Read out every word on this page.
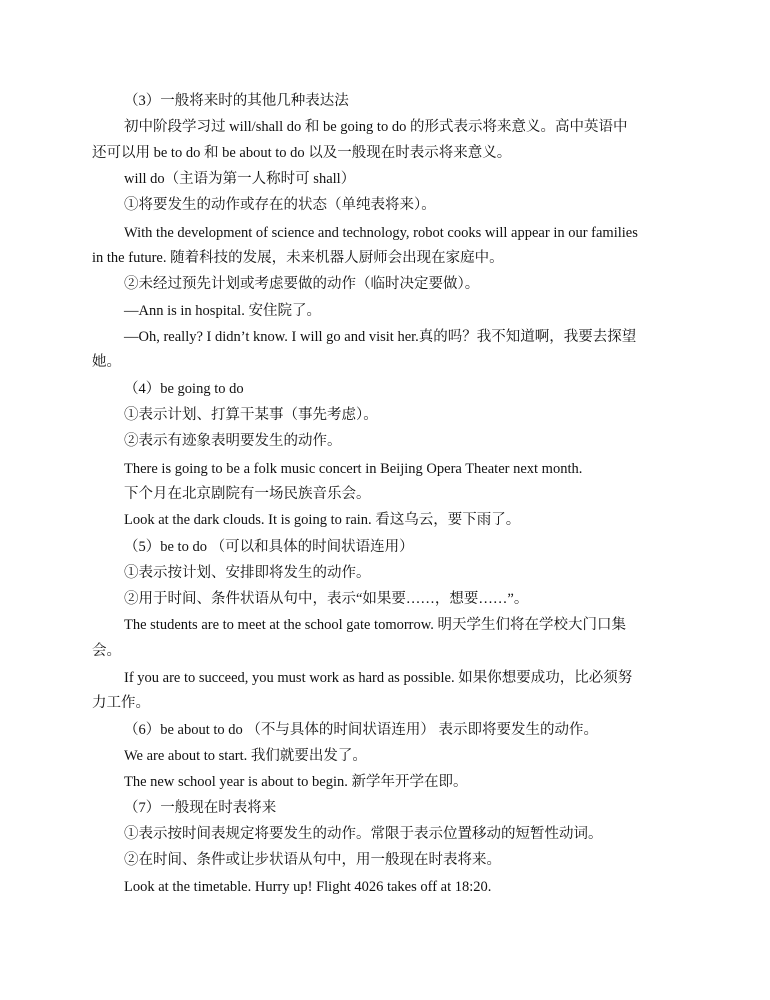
（3）一般将来时的其他几种表达法
初中阶段学习过 will/shall do 和 be going to do 的形式表示将来意义。高中英语中
还可以用 be to do 和 be about to do 以及一般现在时表示将来意义。
will do（主语为第一人称时可 shall）
①将要发生的动作或存在的状态（单纯表将来）。
With the development of science and technology, robot cooks will appear in our families
in the future. 随着科技的发展，未来机器人厨师会出现在家庭中。
②未经过预先计划或考虑要做的动作（临时决定要做）。
—Ann is in hospital. 安住院了。
—Oh, really? I didn’t know. I will go and visit her.真的吗？我不知道啊，我要去探望
她。
（4）be going to do
①表示计划、打算干某事（事先考虑）。
②表示有迹象表明要发生的动作。
There is going to be a folk music concert in Beijing Opera Theater next month.
下个月在北京剧院有一场民族音乐会。
Look at the dark clouds. It is going to rain. 看这乌云，要下雨了。
（5）be to do （可以和具体的时间状语连用）
①表示按计划、安排即将发生的动作。
②用于时间、条件状语从句中，表示“如果要……，想要……”。
The students are to meet at the school gate tomorrow. 明天学生们将在学校大门口集
会。
If you are to succeed, you must work as hard as possible. 如果你想要成功，比必须努
力工作。
（6）be about to do （不与具体的时间状语连用） 表示即将要发生的动作。
We are about to start. 我们就要出发了。
The new school year is about to begin. 新学年开学在即。
（7）一般现在时表将来
①表示按时间表规定将要发生的动作。常限于表示位置移动的短暂性动词。
②在时间、条件或让步状语从句中，用一般现在时表将来。
Look at the timetable. Hurry up! Flight 4026 takes off at 18:20.
